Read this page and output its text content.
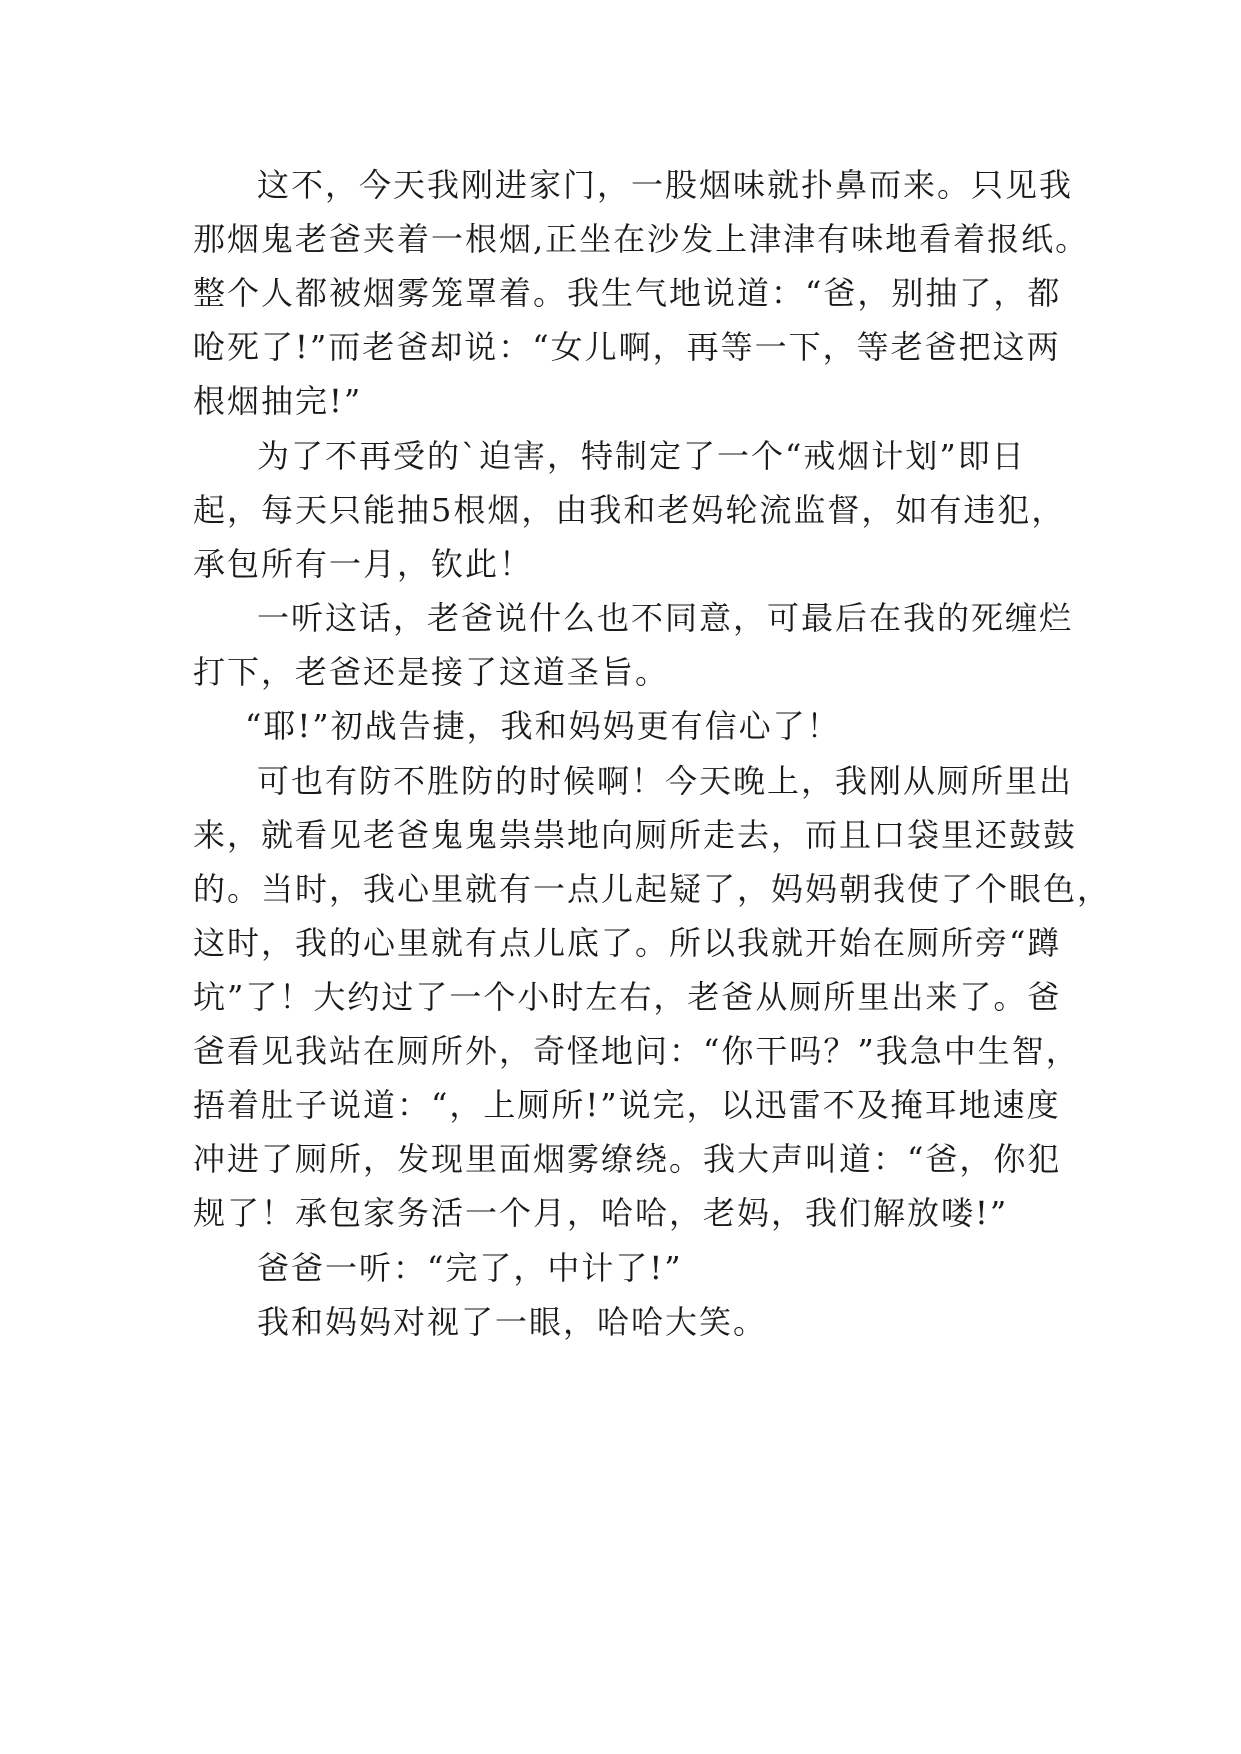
这不，今天我刚进家门，一股烟味就扑鼻而来。只见我
那烟鬼老爸夹着一根烟,正坐在沙发上津津有味地看着报纸。
整个人都被烟雾笼罩着。我生气地说道：“爸，别抽了，都
呛死了!”而老爸却说：“女儿啊，再等一下，等老爸把这两
根烟抽完!”
为了不再受的`迫害，特制定了一个“戒烟计划”即日
起，每天只能抽5根烟，由我和老妈轮流监督，如有违犯，
承包所有一月，钦此！
一听这话，老爸说什么也不同意，可最后在我的死缠烂
打下，老爸还是接了这道圣旨。
“耶!”初战告捷，我和妈妈更有信心了！
可也有防不胜防的时候啊！今天晚上，我刚从厕所里出
来，就看见老爸鬼鬼祟祟地向厕所走去，而且口袋里还鼓鼓
的。当时，我心里就有一点儿起疑了，妈妈朝我使了个眼色，
这时，我的心里就有点儿底了。所以我就开始在厕所旁“蹲
坑”了！大约过了一个小时左右，老爸从厕所里出来了。爸
爸看见我站在厕所外，奇怪地问：“你干吗？”我急中生智，
捂着肚子说道：“，上厕所!”说完，以迅雷不及掩耳地速度
冲进了厕所，发现里面烟雾缭绕。我大声叫道：“爸，你犯
规了！承包家务活一个月，哈哈，老妈，我们解放喽!”
爸爸一听：“完了，中计了!”
我和妈妈对视了一眼，哈哈大笑。
